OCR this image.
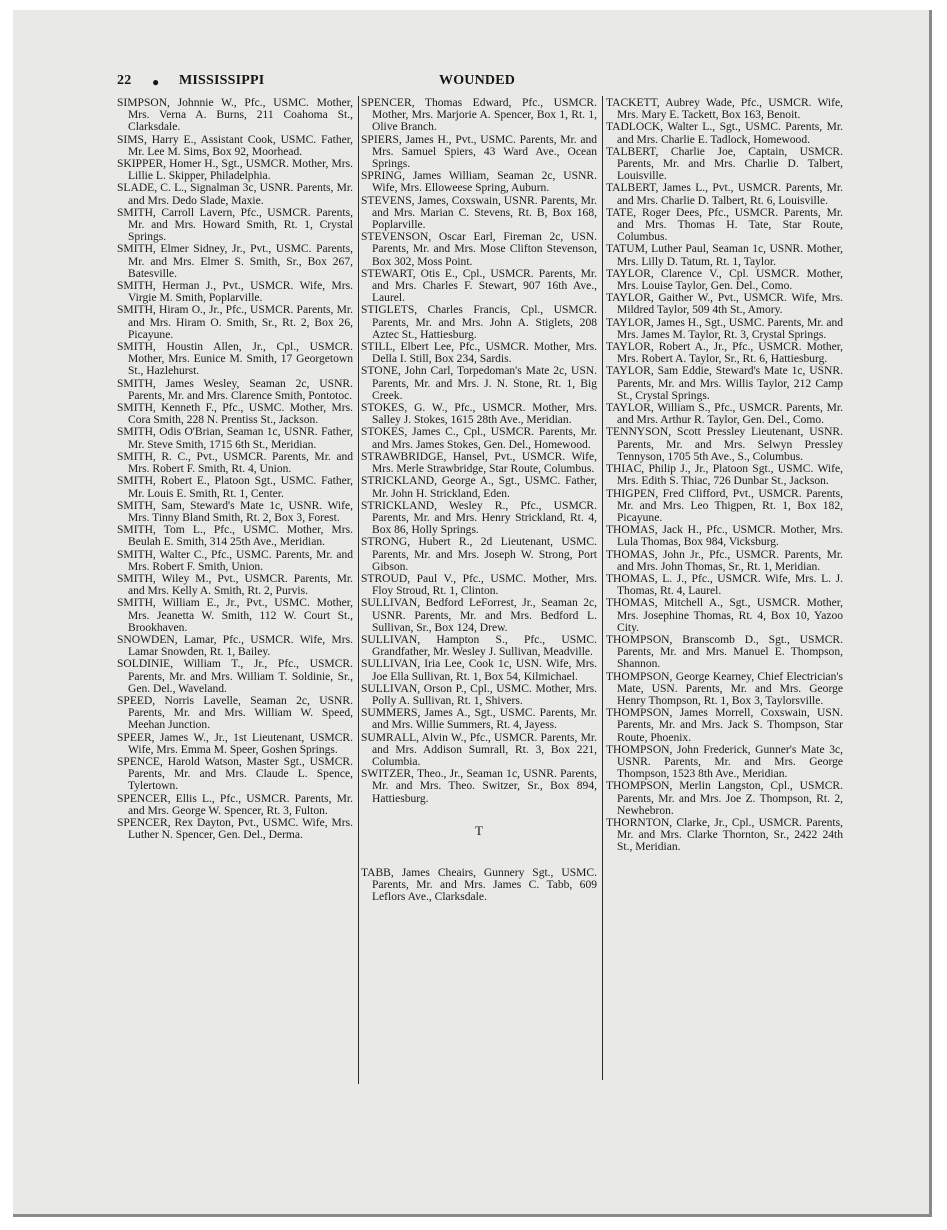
22 ● MISSISSIPPI	WOUNDED

SIMPSON, Johnnie W., Pfc., USMC. Mother, Mrs. Verna A. Burns, 211 Coahoma St., Clarksdale.

SIMS, Harry E., Assistant Cook, USMC. Father, Mr. Lee M. Sims, Box 92, Moorhead.

SKIPPER, Homer H., Sgt., USMCR. Mother, Mrs. Lillie L. Skipper, Philadelphia.

SLADE, C. L., Signalman 3c, USNR. Parents, Mr. and Mrs. Dedo Slade, Maxie.

SMITH, Carroll Lavern, Pfc., USMCR. Parents, Mr. and Mrs. Howard Smith, Rt. 1, Crystal Springs.

SMITH, Elmer Sidney, Jr., Pvt., USMC. Parents, Mr. and Mrs. Elmer S. Smith, Sr., Box 267, Batesville.

SMITH, Herman J., Pvt., USMCR. Wife, Mrs. Virgie M. Smith, Poplarville.

SMITH, Hiram O., Jr., Pfc., USMCR. Parents, Mr. and Mrs. Hiram O. Smith, Sr., Rt. 2, Box 26, Picayune.

SMITH, Houstin Allen, Jr., Cpl., USMCR. Mother, Mrs. Eunice M. Smith, 17 Georgetown St., Hazlehurst.

SMITH, James Wesley, Seaman 2c, USNR. Parents, Mr. and Mrs. Clarence Smith, Pontotoc.

SMITH, Kenneth F., Pfc., USMC. Mother, Mrs. Cora Smith, 228 N. Prentiss St., Jackson.

SMITH, Odis O'Brian, Seaman 1c, USNR. Father, Mr. Steve Smith, 1715 6th St., Meridian.

SMITH, R. C., Pvt., USMCR. Parents, Mr. and Mrs. Robert F. Smith, Rt. 4, Union.

SMITH, Robert E., Platoon Sgt., USMC. Father, Mr. Louis E. Smith, Rt. 1, Center.

SMITH, Sam, Steward's Mate 1c, USNR. Wife, Mrs. Tinny Bland Smith, Rt. 2, Box 3, Forest.

SMITH, Tom L., Pfc., USMC. Mother, Mrs. Beulah E. Smith, 314 25th Ave., Meridian.

SMITH, Walter C., Pfc., USMC. Parents, Mr. and Mrs. Robert F. Smith, Union.

SMITH, Wiley M., Pvt., USMCR. Parents, Mr. and Mrs. Kelly A. Smith, Rt. 2, Purvis.

SMITH, William E., Jr., Pvt., USMC. Mother, Mrs. Jeanetta W. Smith, 112 W. Court St., Brookhaven.

SNOWDEN, Lamar, Pfc., USMCR. Wife, Mrs. Lamar Snowden, Rt. 1, Bailey.

SOLDINIE, William T., Jr., Pfc., USMCR. Parents, Mr. and Mrs. William T. Soldinie, Sr., Gen. Del., Waveland.

SPEED, Norris Lavelle, Seaman 2c, USNR. Parents, Mr. and Mrs. William W. Speed, Meehan Junction.

SPEER, James W., Jr., 1st Lieutenant, USMCR. Wife, Mrs. Emma M. Speer, Goshen Springs.

SPENCE, Harold Watson, Master Sgt., USMCR. Parents, Mr. and Mrs. Claude L. Spence, Tylertown.

SPENCER, Ellis L., Pfc., USMCR. Parents, Mr. and Mrs. George W. Spencer, Rt. 3, Fulton.

SPENCER, Rex Dayton, Pvt., USMC. Wife, Mrs. Luther N. Spencer, Gen. Del., Derma.

SPENCER, Thomas Edward, Pfc., USMCR. Mother, Mrs. Marjorie A. Spencer, Box 1, Rt. 1, Olive Branch.

SPIERS, James H., Pvt., USMC. Parents, Mr. and Mrs. Samuel Spiers, 43 Ward Ave., Ocean Springs.

SPRING, James William, Seaman 2c, USNR. Wife, Mrs. Elloweese Spring, Auburn.

STEVENS, James, Coxswain, USNR. Parents, Mr. and Mrs. Marian C. Stevens, Rt. B, Box 168, Poplarville.

STEVENSON, Oscar Earl, Fireman 2c, USN. Parents, Mr. and Mrs. Mose Clifton Stevenson, Box 302, Moss Point.

STEWART, Otis E., Cpl., USMCR. Parents, Mr. and Mrs. Charles F. Stewart, 907 16th Ave., Laurel.

STIGLETS, Charles Francis, Cpl., USMCR. Parents, Mr. and Mrs. John A. Stiglets, 208 Aztec St., Hattiesburg.

STILL, Elbert Lee, Pfc., USMCR. Mother, Mrs. Della I. Still, Box 234, Sardis.

STONE, John Carl, Torpedoman's Mate 2c, USN. Parents, Mr. and Mrs. J. N. Stone, Rt. 1, Big Creek.

STOKES, G. W., Pfc., USMCR. Mother, Mrs. Salley J. Stokes, 1615 28th Ave., Meridian.

STOKES, James C., Cpl., USMCR. Parents, Mr. and Mrs. James Stokes, Gen. Del., Homewood.

STRAWBRIDGE, Hansel, Pvt., USMCR. Wife, Mrs. Merle Strawbridge, Star Route, Columbus.

STRICKLAND, George A., Sgt., USMC. Father, Mr. John H. Strickland, Eden.

STRICKLAND, Wesley R., Pfc., USMCR. Parents, Mr. and Mrs. Henry Strickland, Rt. 4, Box 86, Holly Springs.

STRONG, Hubert R., 2d Lieutenant, USMC. Parents, Mr. and Mrs. Joseph W. Strong, Port Gibson.

STROUD, Paul V., Pfc., USMC. Mother, Mrs. Floy Stroud, Rt. 1, Clinton.

SULLIVAN, Bedford LeForrest, Jr., Seaman 2c, USNR. Parents, Mr. and Mrs. Bedford L. Sullivan, Sr., Box 124, Drew.

SULLIVAN, Hampton S., Pfc., USMC. Grandfather, Mr. Wesley J. Sullivan, Meadville.

SULLIVAN, Iria Lee, Cook 1c, USN. Wife, Mrs. Joe Ella Sullivan, Rt. 1, Box 54, Kilmichael.

SULLIVAN, Orson P., Cpl., USMC. Mother, Mrs. Polly A. Sullivan, Rt. 1, Shivers.

SUMMERS, James A., Sgt., USMC. Parents, Mr. and Mrs. Willie Summers, Rt. 4, Jayess.

SUMRALL, Alvin W., Pfc., USMCR. Parents, Mr. and Mrs. Addison Sumrall, Rt. 3, Box 221, Columbia.

SWITZER, Theo., Jr., Seaman 1c, USNR. Parents, Mr. and Mrs. Theo. Switzer, Sr., Box 894, Hattiesburg.

T

TABB, James Cheairs, Gunnery Sgt., USMC. Parents, Mr. and Mrs. James C. Tabb, 609 Leflors Ave., Clarksdale.

TACKETT, Aubrey Wade, Pfc., USMCR. Wife, Mrs. Mary E. Tackett, Box 163, Benoit.

TADLOCK, Walter L., Sgt., USMC. Parents, Mr. and Mrs. Charlie E. Tadlock, Homewood.

TALBERT, Charlie Joe, Captain, USMCR. Parents, Mr. and Mrs. Charlie D. Talbert, Louisville.

TALBERT, James L., Pvt., USMCR. Parents, Mr. and Mrs. Charlie D. Talbert, Rt. 6, Louisville.

TATE, Roger Dees, Pfc., USMCR. Parents, Mr. and Mrs. Thomas H. Tate, Star Route, Columbus.

TATUM, Luther Paul, Seaman 1c, USNR. Mother, Mrs. Lilly D. Tatum, Rt. 1, Taylor.

TAYLOR, Clarence V., Cpl. USMCR. Mother, Mrs. Louise Taylor, Gen. Del., Como.

TAYLOR, Gaither W., Pvt., USMCR. Wife, Mrs. Mildred Taylor, 509 4th St., Amory.

TAYLOR, James H., Sgt., USMC. Parents, Mr. and Mrs. James M. Taylor, Rt. 3, Crystal Springs.

TAYLOR, Robert A., Jr., Pfc., USMCR. Mother, Mrs. Robert A. Taylor, Sr., Rt. 6, Hattiesburg.

TAYLOR, Sam Eddie, Steward's Mate 1c, USNR. Parents, Mr. and Mrs. Willis Taylor, 212 Camp St., Crystal Springs.

TAYLOR, William S., Pfc., USMCR. Parents, Mr. and Mrs. Arthur R. Taylor, Gen. Del., Como.

TENNYSON, Scott Pressley Lieutenant, USNR. Parents, Mr. and Mrs. Selwyn Pressley Tennyson, 1705 5th Ave., S., Columbus.

THIAC, Philip J., Jr., Platoon Sgt., USMC. Wife, Mrs. Edith S. Thiac, 726 Dunbar St., Jackson.

THIGPEN, Fred Clifford, Pvt., USMCR. Parents, Mr. and Mrs. Leo Thigpen, Rt. 1, Box 182, Picayune.

THOMAS, Jack H., Pfc., USMCR. Mother, Mrs. Lula Thomas, Box 984, Vicksburg.

THOMAS, John Jr., Pfc., USMCR. Parents, Mr. and Mrs. John Thomas, Sr., Rt. 1, Meridian.

THOMAS, L. J., Pfc., USMCR. Wife, Mrs. L. J. Thomas, Rt. 4, Laurel.

THOMAS, Mitchell A., Sgt., USMCR. Mother, Mrs. Josephine Thomas, Rt. 4, Box 10, Yazoo City.

THOMPSON, Branscomb D., Sgt., USMCR. Parents, Mr. and Mrs. Manuel E. Thompson, Shannon.

THOMPSON, George Kearney, Chief Electrician's Mate, USN. Parents, Mr. and Mrs. George Henry Thompson, Rt. 1, Box 3, Taylorsville.

THOMPSON, James Morrell, Coxswain, USN. Parents, Mr. and Mrs. Jack S. Thompson, Star Route, Phoenix.

THOMPSON, John Frederick, Gunner's Mate 3c, USNR. Parents, Mr. and Mrs. George Thompson, 1523 8th Ave., Meridian.

THOMPSON, Merlin Langston, Cpl., USMCR. Parents, Mr. and Mrs. Joe Z. Thompson, Rt. 2, Newhebron.

THORNTON, Clarke, Jr., Cpl., USMCR. Parents, Mr. and Mrs. Clarke Thornton, Sr., 2422 24th St., Meridian.
